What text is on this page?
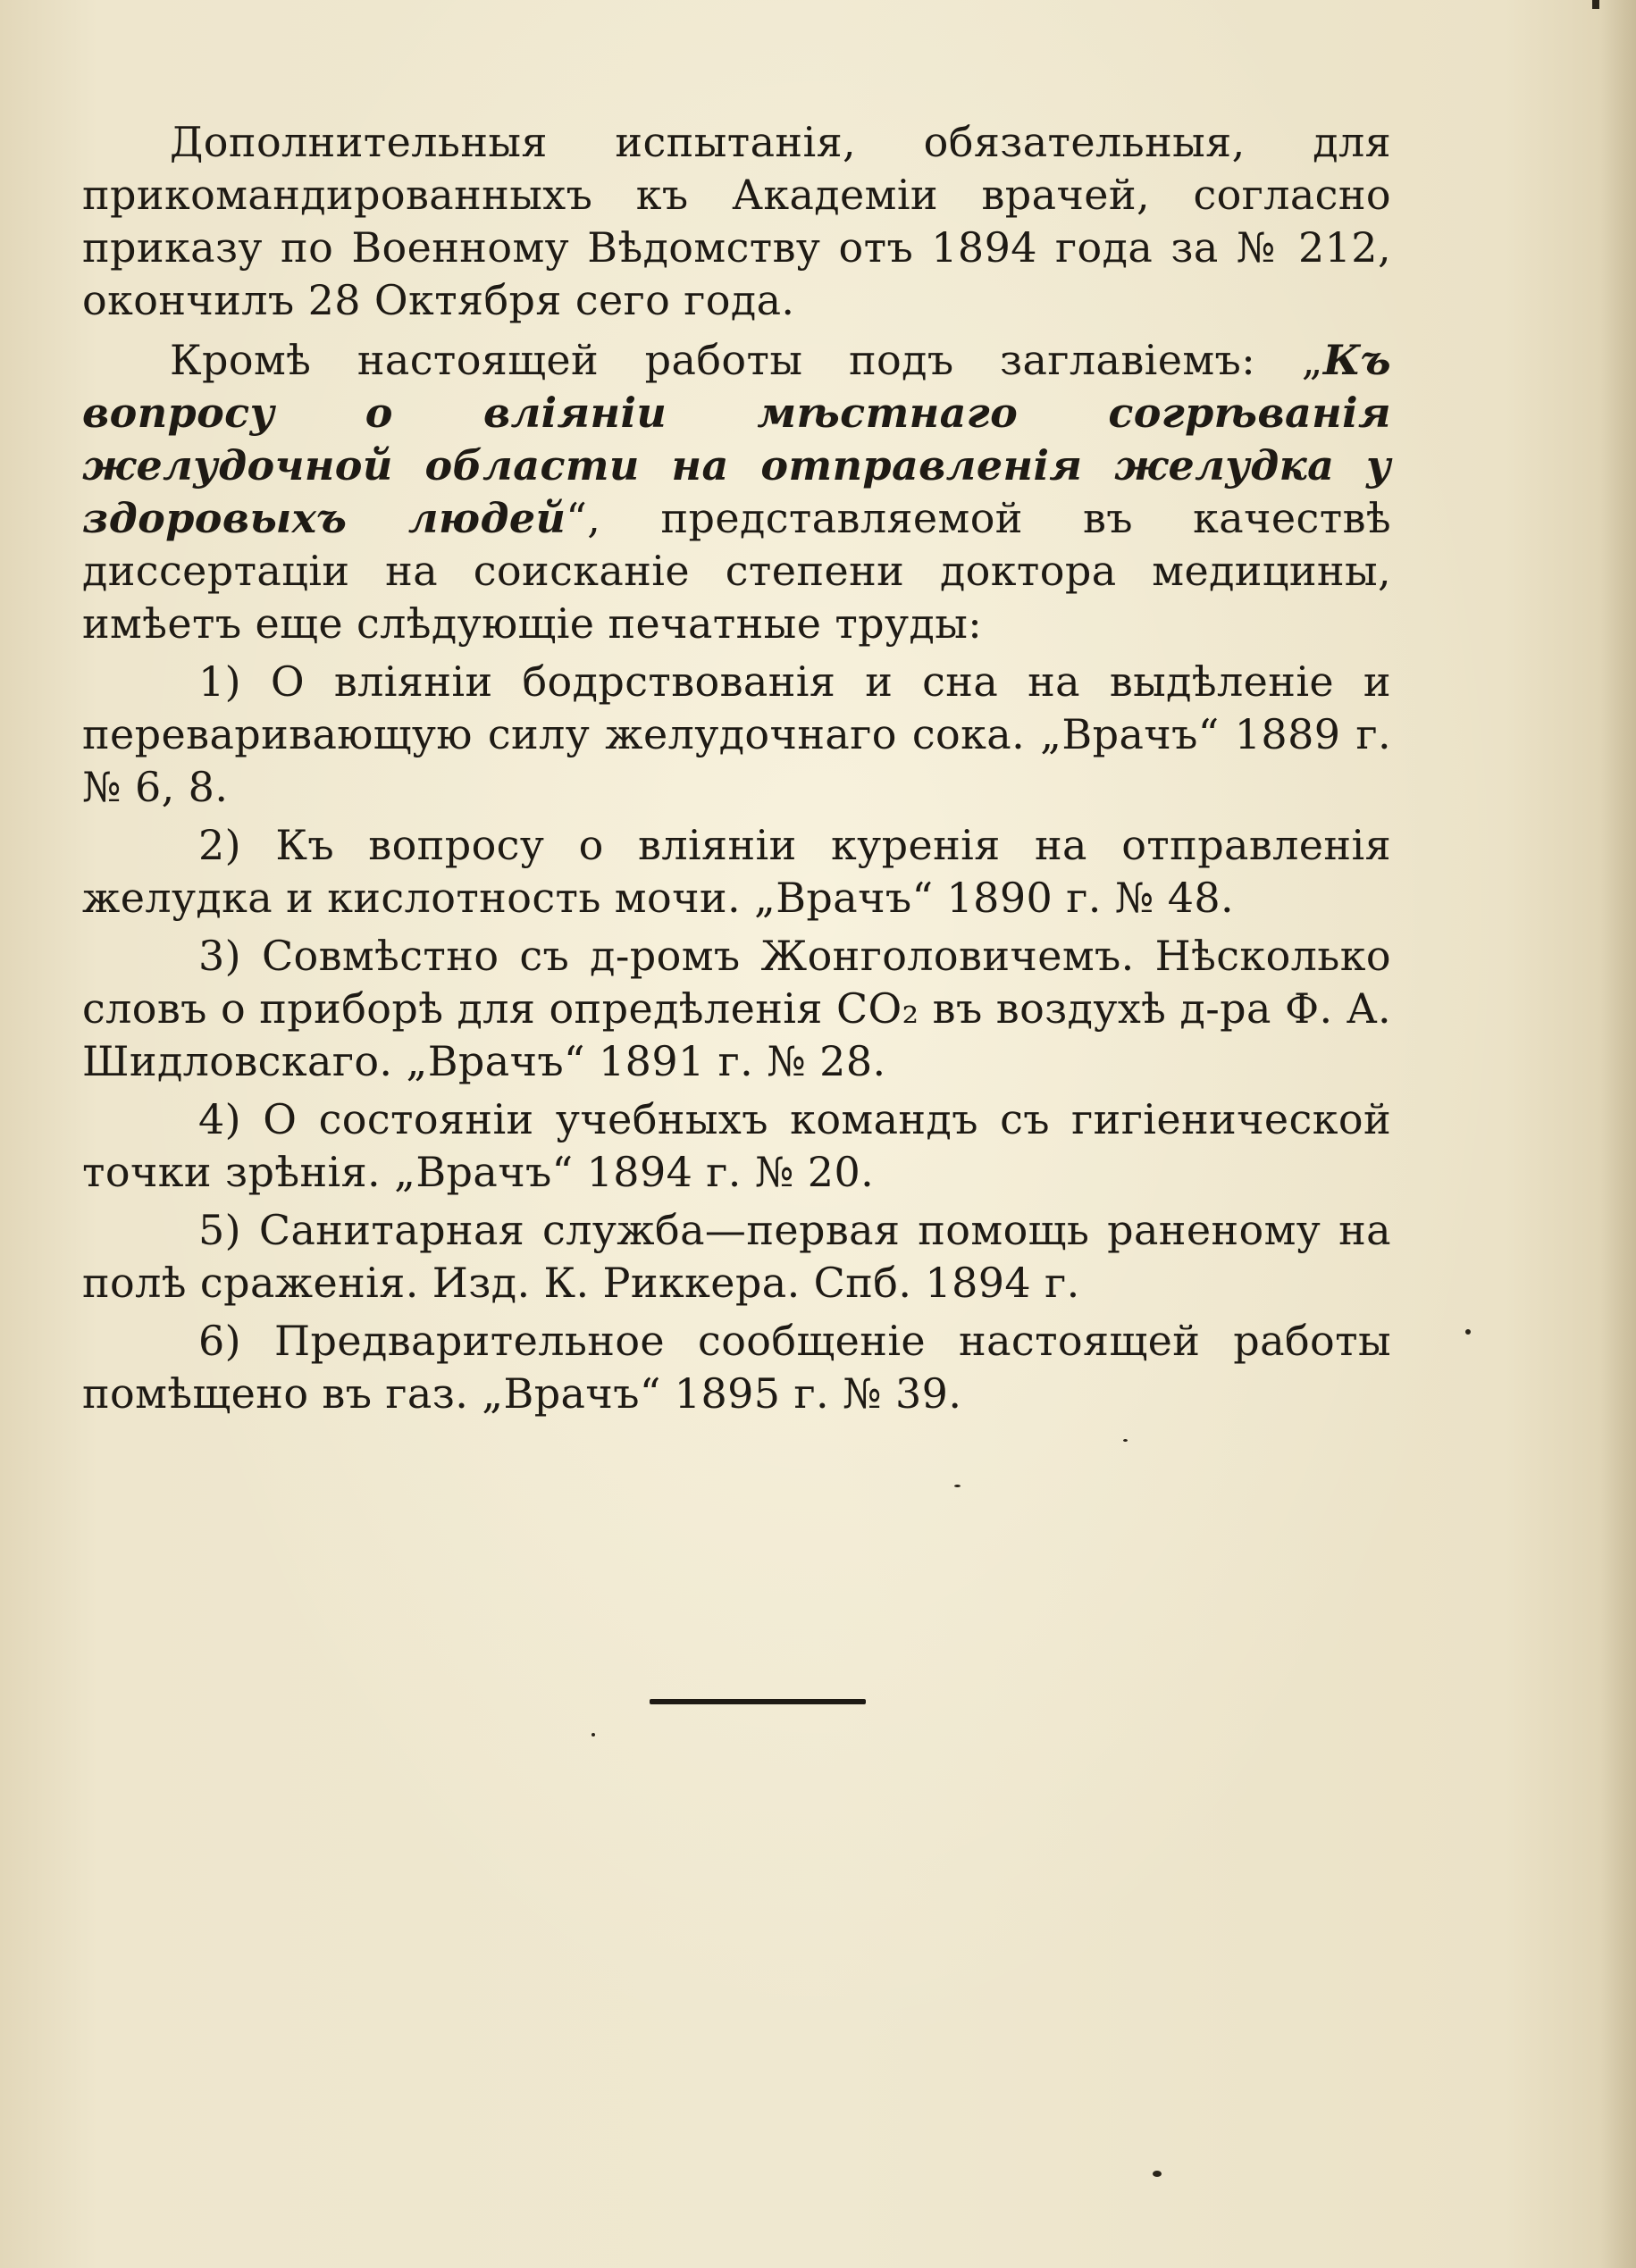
Дополнительныя испытанія, обязательныя, для прикомандированныхъ къ Академіи врачей, согласно приказу по Военному Вѣдомству отъ 1894 года за № 212, окончилъ 28 Октября сего года.

Кромѣ настоящей работы подъ заглавіемъ: „Къ вопросу о вліяніи мѣстнаго согрѣванія желудочной области на отправленія желудка у здоровыхъ людей“, представляемой въ качествѣ диссертаціи на соисканіе степени доктора медицины, имѣетъ еще слѣдующіе печатные труды:

1) О вліяніи бодрствованія и сна на выдѣленіе и переваривающую силу желудочнаго сока. „Врачъ“ 1889 г. № 6, 8.

2) Къ вопросу о вліяніи куренія на отправленія желудка и кислотность мочи. „Врачъ“ 1890 г. № 48.

3) Совмѣстно съ д-ромъ Жонголовичемъ. Нѣсколько словъ о приборѣ для опредѣленія CO₂ въ воздухѣ д-ра Ф. А. Шидловскаго. „Врачъ“ 1891 г. № 28.

4) О состояніи учебныхъ командъ съ гигіенической точки зрѣнія. „Врачъ“ 1894 г. № 20.

5) Санитарная служба—первая помощь раненому на полѣ сраженія. Изд. К. Риккера. Спб. 1894 г.

6) Предварительное сообщеніе настоящей работы помѣщено въ газ. „Врачъ“ 1895 г. № 39.
